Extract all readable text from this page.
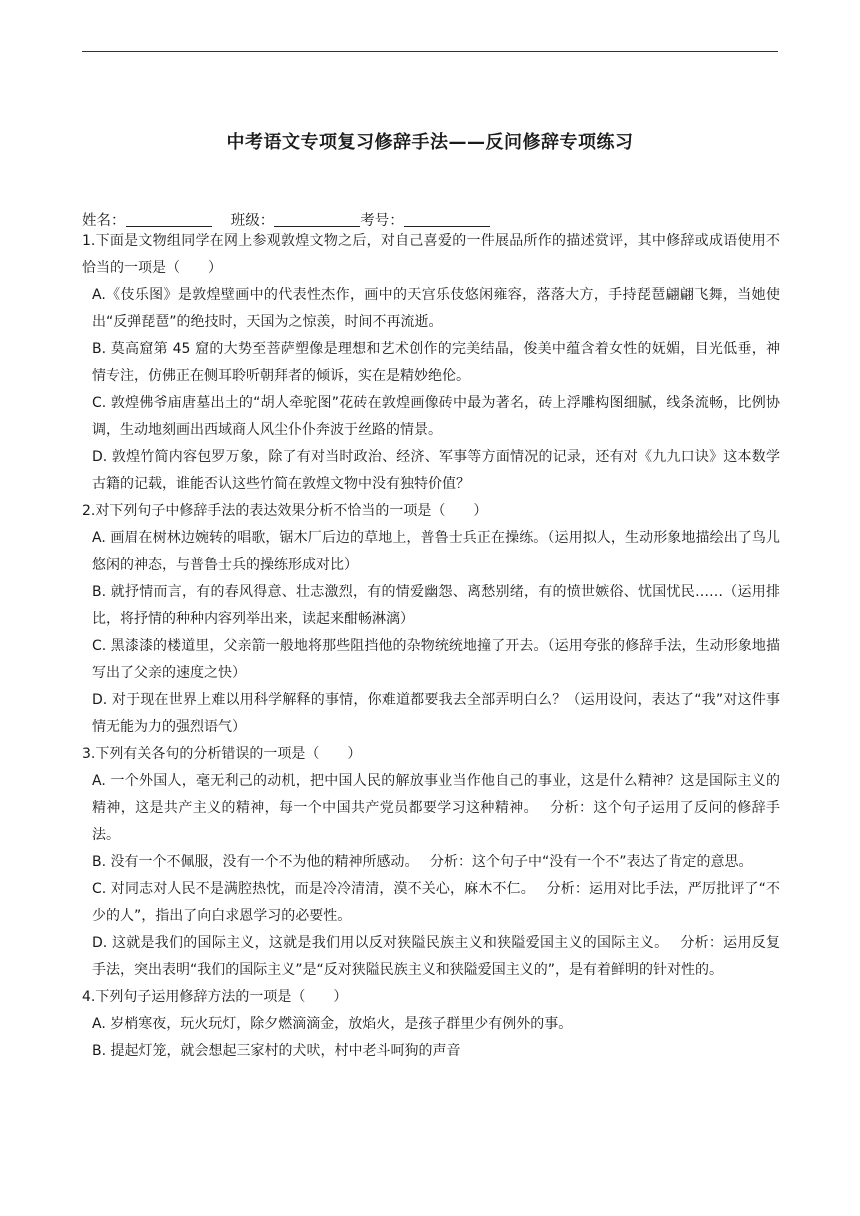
中考语文专项复习修辞手法——反问修辞专项练习
姓名：	班级：	考号：

1.下面是文物组同学在网上参观敦煌文物之后，对自己喜爱的一件展品所作的描述赏评，其中修辞或成语使用不恰当的一项是（　　）

A.《伎乐图》是敦煌壁画中的代表性杰作，画中的天宫乐伎悠闲雍容，落落大方，手持琵琶翩翩飞舞，当她使出“反弹琵琶”的绝技时，天国为之惊羡，时间不再流逝。

B. 莫高窟第 45 窟的大势至菩萨塑像是理想和艺术创作的完美结晶，俊美中蕴含着女性的妩媚，目光低垂，神情专注，仿佛正在侧耳聆听朝拜者的倾诉，实在是精妙绝伦。

C. 敦煌佛爷庙唐墓出土的“胡人牵驼图”花砖在敦煌画像砖中最为著名，砖上浮雕构图细腻，线条流畅，比例协调，生动地刻画出西域商人风尘仆仆奔波于丝路的情景。

D. 敦煌竹简内容包罗万象，除了有对当时政治、经济、军事等方面情况的记录，还有对《九九口诀》这本数学古籍的记载，谁能否认这些竹简在敦煌文物中没有独特价值？

2.对下列句子中修辞手法的表达效果分析不恰当的一项是（　　）

A. 画眉在树林边婉转的唱歌，锯木厂后边的草地上，普鲁士兵正在操练。（运用拟人，生动形象地描绘出了鸟儿悠闲的神态，与普鲁士兵的操练形成对比）

B. 就抒情而言，有的春风得意、壮志激烈，有的情爱幽怨、离愁别绪，有的愤世嫉俗、忧国忧民……（运用排比，将抒情的种种内容列举出来，读起来酣畅淋漓）

C. 黑漆漆的楼道里，父亲箭一般地将那些阻挡他的杂物统统地撞了开去。（运用夸张的修辞手法，生动形象地描写出了父亲的速度之快）

D. 对于现在世界上难以用科学解释的事情，你难道都要我去全部弄明白么？（运用设问，表达了“我”对这件事情无能为力的强烈语气）

3.下列有关各句的分析错误的一项是（　　）

A. 一个外国人，毫无利己的动机，把中国人民的解放事业当作他自己的事业，这是什么精神？这是国际主义的精神，这是共产主义的精神，每一个中国共产党员都要学习这种精神。　 分析：这个句子运用了反问的修辞手法。

B. 没有一个不佩服，没有一个不为他的精神所感动。　 分析：这个句子中“没有一个不”表达了肯定的意思。

C. 对同志对人民不是满腔热忱，而是冷冷清清，漠不关心，麻木不仁。　 分析：运用对比手法，严厉批评了“不少的人”，指出了向白求恩学习的必要性。

D. 这就是我们的国际主义，这就是我们用以反对狭隘民族主义和狭隘爱国主义的国际主义。　 分析：运用反复手法，突出表明“我们的国际主义”是“反对狭隘民族主义和狭隘爱国主义的”，是有着鲜明的针对性的。

4.下列句子运用修辞方法的一项是（　　）

A. 岁梢寒夜，玩火玩灯，除夕燃滴滴金，放焰火，是孩子群里少有例外的事。

B. 提起灯笼，就会想起三家村的犬吠，村中老斗呵狗的声音
